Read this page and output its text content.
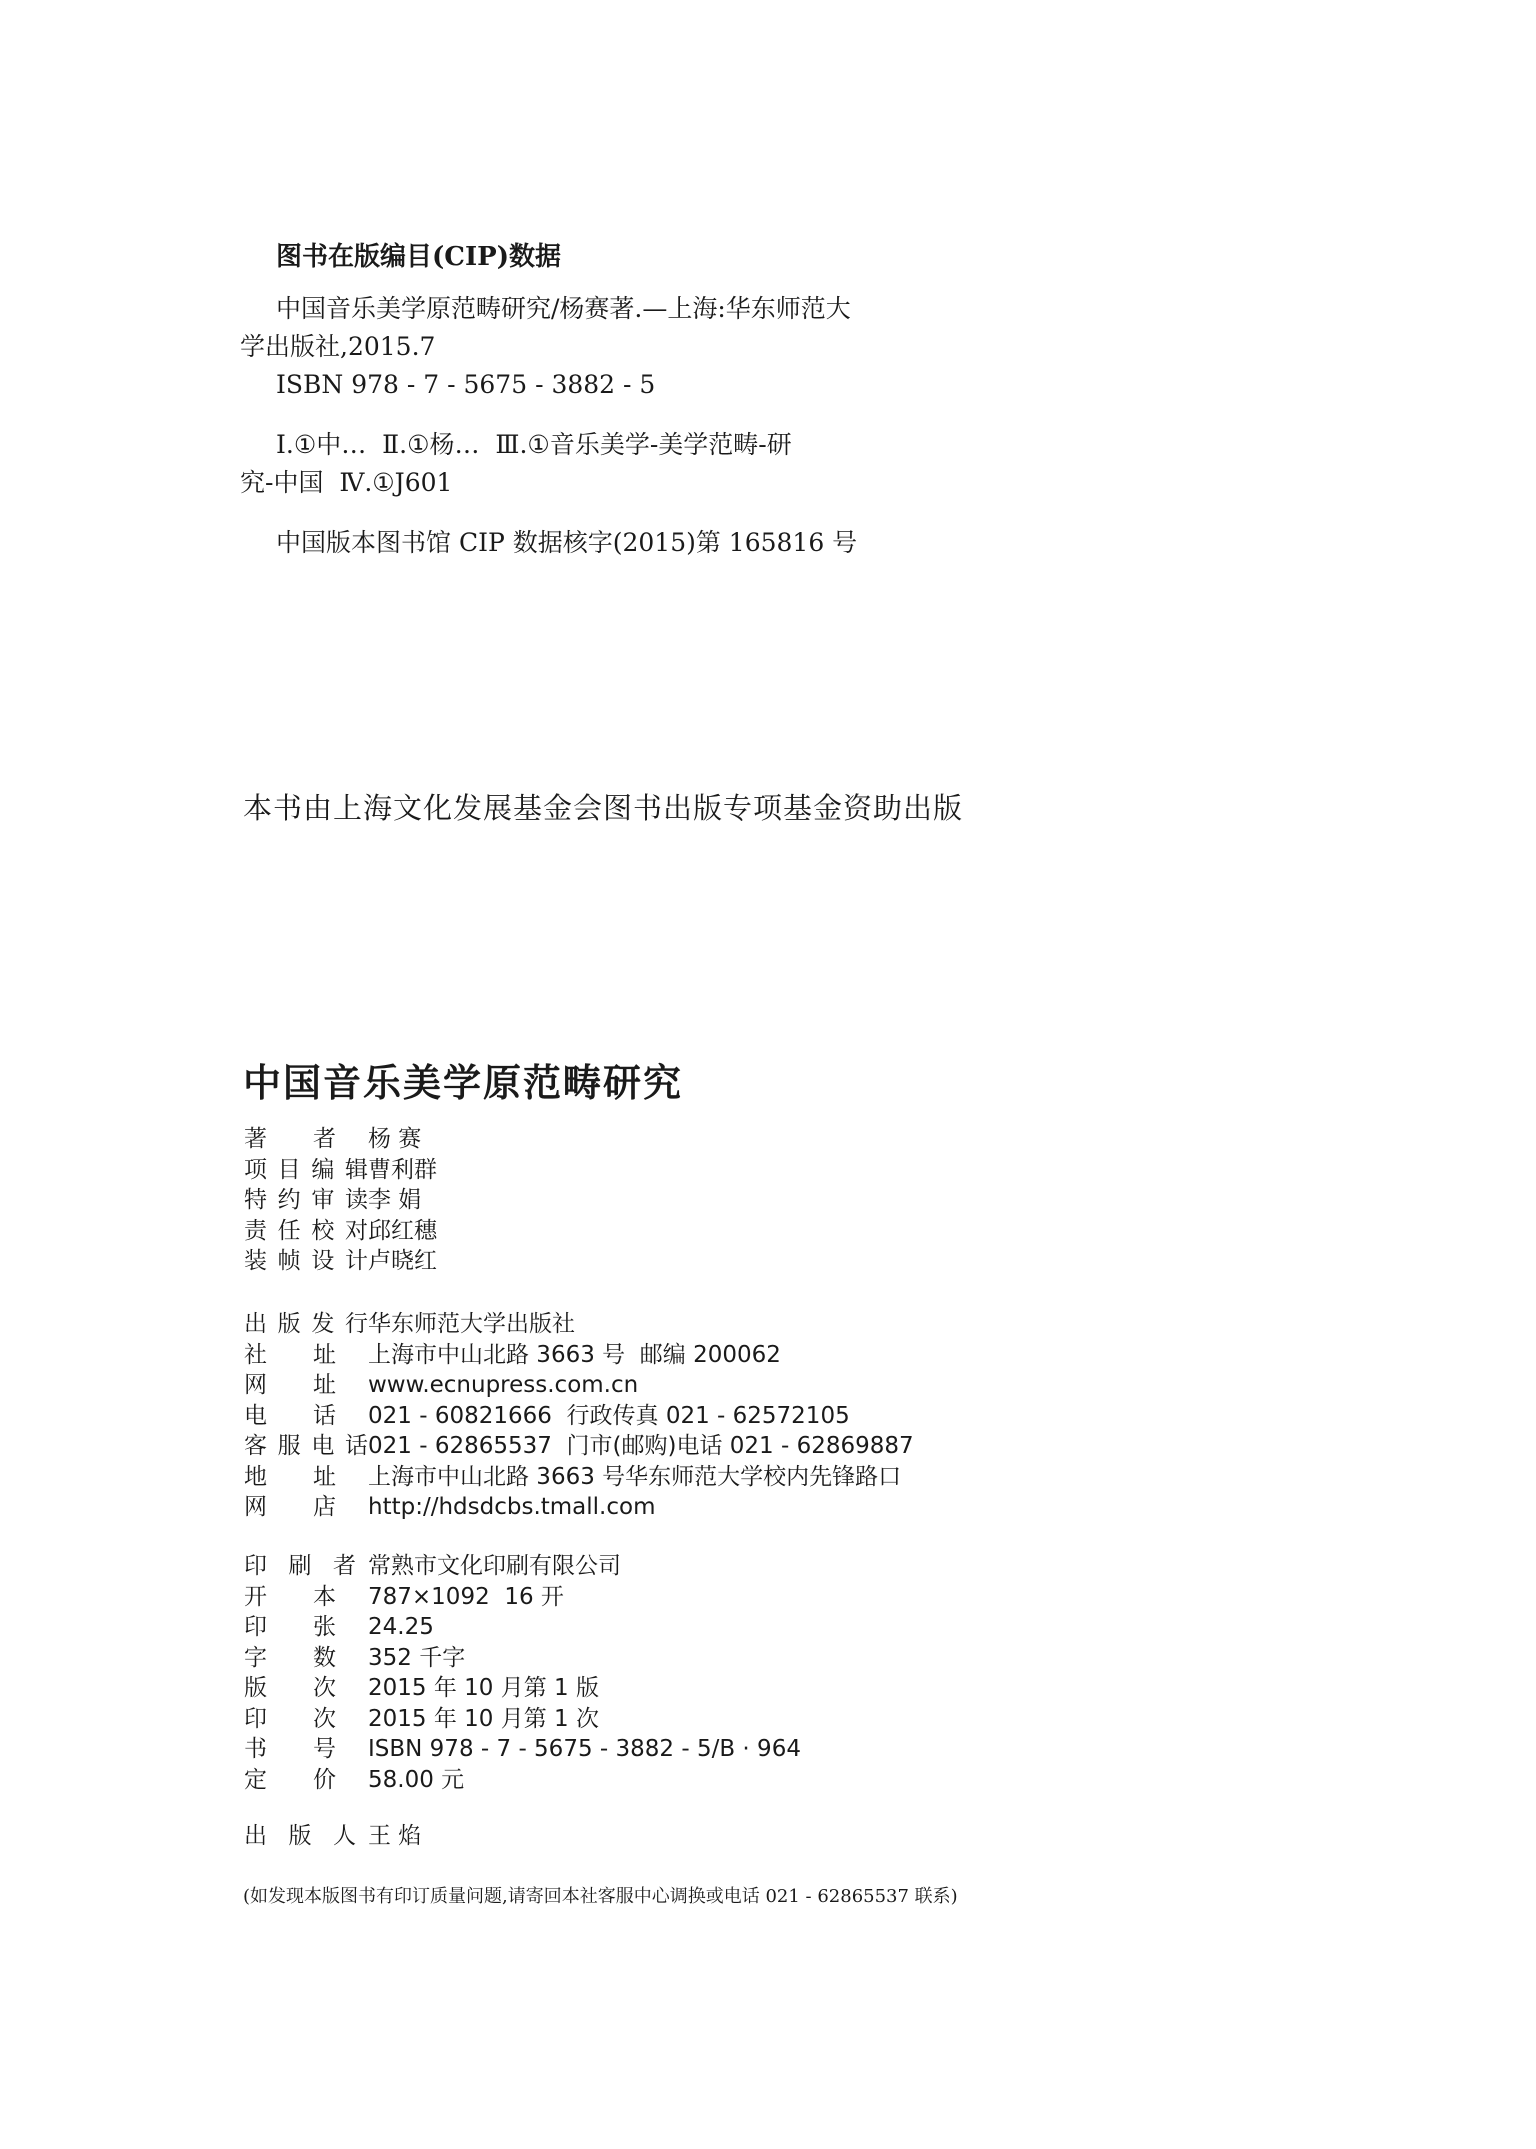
图书在版编目(CIP)数据

中国音乐美学原范畴研究/杨赛著.—上海:华东师范大

学出版社,2015.7

ISBN 978 - 7 - 5675 - 3882 - 5

Ⅰ.①中…  Ⅱ.①杨…  Ⅲ.①音乐美学-美学范畴-研

究-中国  Ⅳ.①J601

中国版本图书馆 CIP 数据核字(2015)第 165816 号

本书由上海文化发展基金会图书出版专项基金资助出版
中国音乐美学原范畴研究
著 者 杨 赛
项 目 编 辑 曹利群
特 约 审 读 李 娟
责 任 校 对 邱红穗
装 帧 设 计 卢晓红
出 版 发 行 华东师范大学出版社
社 址 上海市中山北路 3663 号  邮编 200062
网 址 www.ecnupress.com.cn
电 话 021 - 60821666  行政传真 021 - 62572105
客 服 电 话 021 - 62865537  门市(邮购)电话 021 - 62869887
地 址 上海市中山北路 3663 号华东师范大学校内先锋路口
网 店 http://hdsdcbs.tmall.com
印 刷 者 常熟市文化印刷有限公司
开 本 787×1092  16 开
印 张 24.25
字 数 352 千字
版 次 2015 年 10 月第 1 版
印 次 2015 年 10 月第 1 次
书 号 ISBN 978 - 7 - 5675 - 3882 - 5/B · 964
定 价 58.00 元
出 版 人 王 焰
(如发现本版图书有印订质量问题,请寄回本社客服中心调换或电话 021 - 62865537 联系)
